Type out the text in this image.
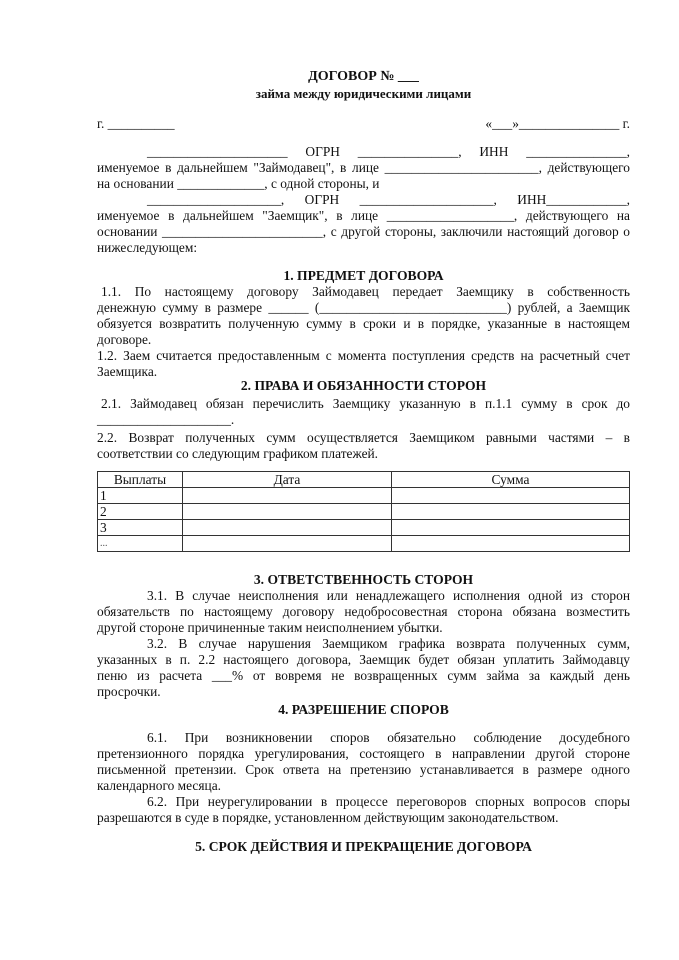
ДОГОВОР № ___
займа между юридическими лицами
г. __________	«___»_______________ г.
_____________________ ОГРН _______________, ИНН _______________,
именуемое в дальнейшем "Займодавец", в лице _______________________, действующего
на основании _____________, с одной стороны, и
____________________, ОГРН ____________________, ИНН____________,
именуемое в дальнейшем "Заемщик", в лице ___________________, действующего на
основании ________________________, с другой стороны, заключили настоящий договор о
нижеследующем:
1. ПРЕДМЕТ ДОГОВОРА
1.1. По настоящему договору Займодавец передает Заемщику в собственность
денежную сумму в размере ______ (____________________________) рублей, а Заемщик
обязуется возвратить полученную сумму в сроки и в порядке, указанные в настоящем
договоре.
1.2. Заем считается предоставленным с момента поступления средств на расчетный счет
Заемщика.
2. ПРАВА И ОБЯЗАННОСТИ СТОРОН
2.1. Займодавец обязан перечислить Заемщику указанную в п.1.1 сумму в срок до
____________________.
2.2. Возврат полученных сумм осуществляется Заемщиком равными частями – в
соответствии со следующим графиком платежей.
Выплаты	Дата	Сумма
1		
2		
3		
...		
3. ОТВЕТСТВЕННОСТЬ СТОРОН
3.1. В случае неисполнения или ненадлежащего исполнения одной из сторон
обязательств по настоящему договору недобросовестная сторона обязана возместить
другой стороне причиненные таким неисполнением убытки.
3.2. В случае нарушения Заемщиком графика возврата полученных сумм,
указанных в п. 2.2 настоящего договора, Заемщик будет обязан уплатить Займодавцу
пеню из расчета ___% от вовремя не возвращенных сумм займа за каждый день
просрочки.
4. РАЗРЕШЕНИЕ СПОРОВ
6.1. При возникновении споров обязательно соблюдение досудебного
претензионного порядка урегулирования, состоящего в направлении другой стороне
письменной претензии. Срок ответа на претензию устанавливается в размере одного
календарного месяца.
6.2. При неурегулировании в процессе переговоров спорных вопросов споры
разрешаются в суде в порядке, установленном действующим законодательством.
5. СРОК ДЕЙСТВИЯ И ПРЕКРАЩЕНИЕ ДОГОВОРА
